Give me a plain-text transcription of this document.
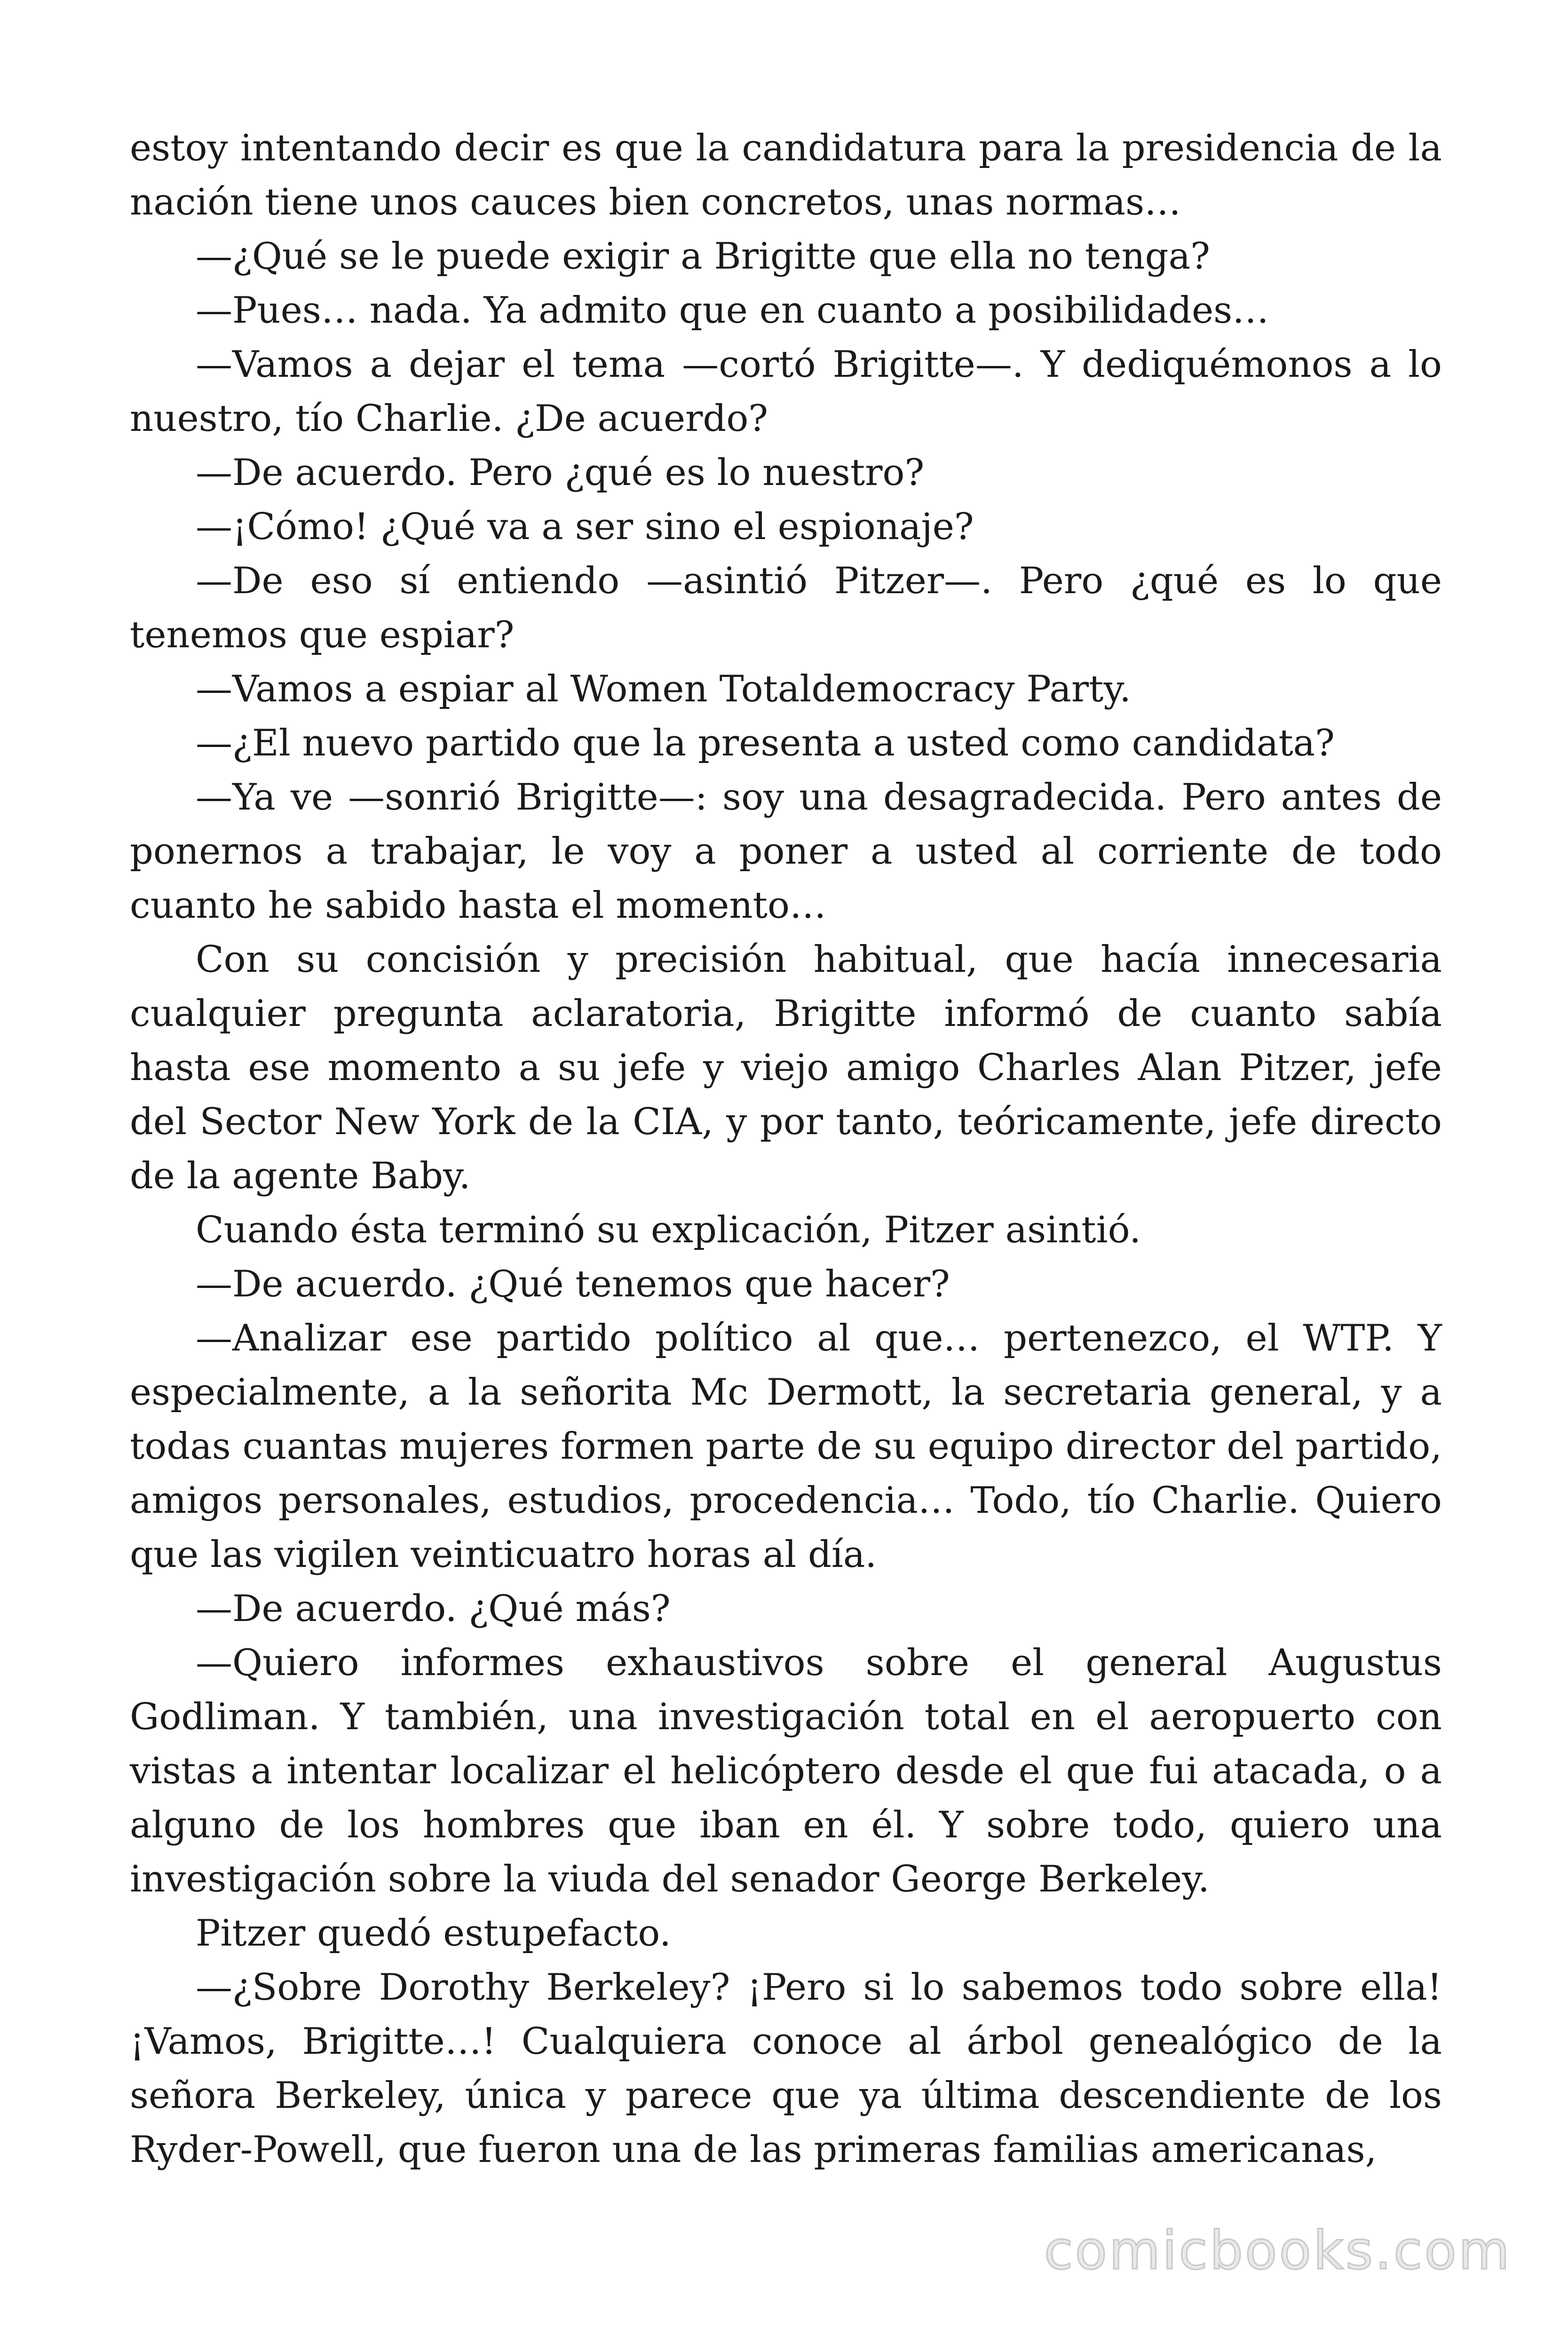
estoy intentando decir es que la candidatura para la presidencia de la nación tiene unos cauces bien concretos, unas normas…

—¿Qué se le puede exigir a Brigitte que ella no tenga?

—Pues… nada. Ya admito que en cuanto a posibilidades…

—Vamos a dejar el tema —cortó Brigitte—. Y dediquémonos a lo nuestro, tío Charlie. ¿De acuerdo?

—De acuerdo. Pero ¿qué es lo nuestro?

—¡Cómo! ¿Qué va a ser sino el espionaje?

—De eso sí entiendo —asintió Pitzer—. Pero ¿qué es lo que tenemos que espiar?

—Vamos a espiar al Women Totaldemocracy Party.

—¿El nuevo partido que la presenta a usted como candidata?

—Ya ve —sonrió Brigitte—: soy una desagradecida. Pero antes de ponernos a trabajar, le voy a poner a usted al corriente de todo cuanto he sabido hasta el momento…

Con su concisión y precisión habitual, que hacía innecesaria cualquier pregunta aclaratoria, Brigitte informó de cuanto sabía hasta ese momento a su jefe y viejo amigo Charles Alan Pitzer, jefe del Sector New York de la CIA, y por tanto, teóricamente, jefe directo de la agente Baby.

Cuando ésta terminó su explicación, Pitzer asintió.

—De acuerdo. ¿Qué tenemos que hacer?

—Analizar ese partido político al que… pertenezco, el WTP. Y especialmente, a la señorita Mc Dermott, la secretaria general, y a todas cuantas mujeres formen parte de su equipo director del partido, amigos personales, estudios, procedencia… Todo, tío Charlie. Quiero que las vigilen veinticuatro horas al día.

—De acuerdo. ¿Qué más?

—Quiero informes exhaustivos sobre el general Augustus Godliman. Y también, una investigación total en el aeropuerto con vistas a intentar localizar el helicóptero desde el que fui atacada, o a alguno de los hombres que iban en él. Y sobre todo, quiero una investigación sobre la viuda del senador George Berkeley.

Pitzer quedó estupefacto.

—¿Sobre Dorothy Berkeley? ¡Pero si lo sabemos todo sobre ella! ¡Vamos, Brigitte…! Cualquiera conoce al árbol genealógico de la señora Berkeley, única y parece que ya última descendiente de los Ryder-Powell, que fueron una de las primeras familias americanas,

comicbooks.com
